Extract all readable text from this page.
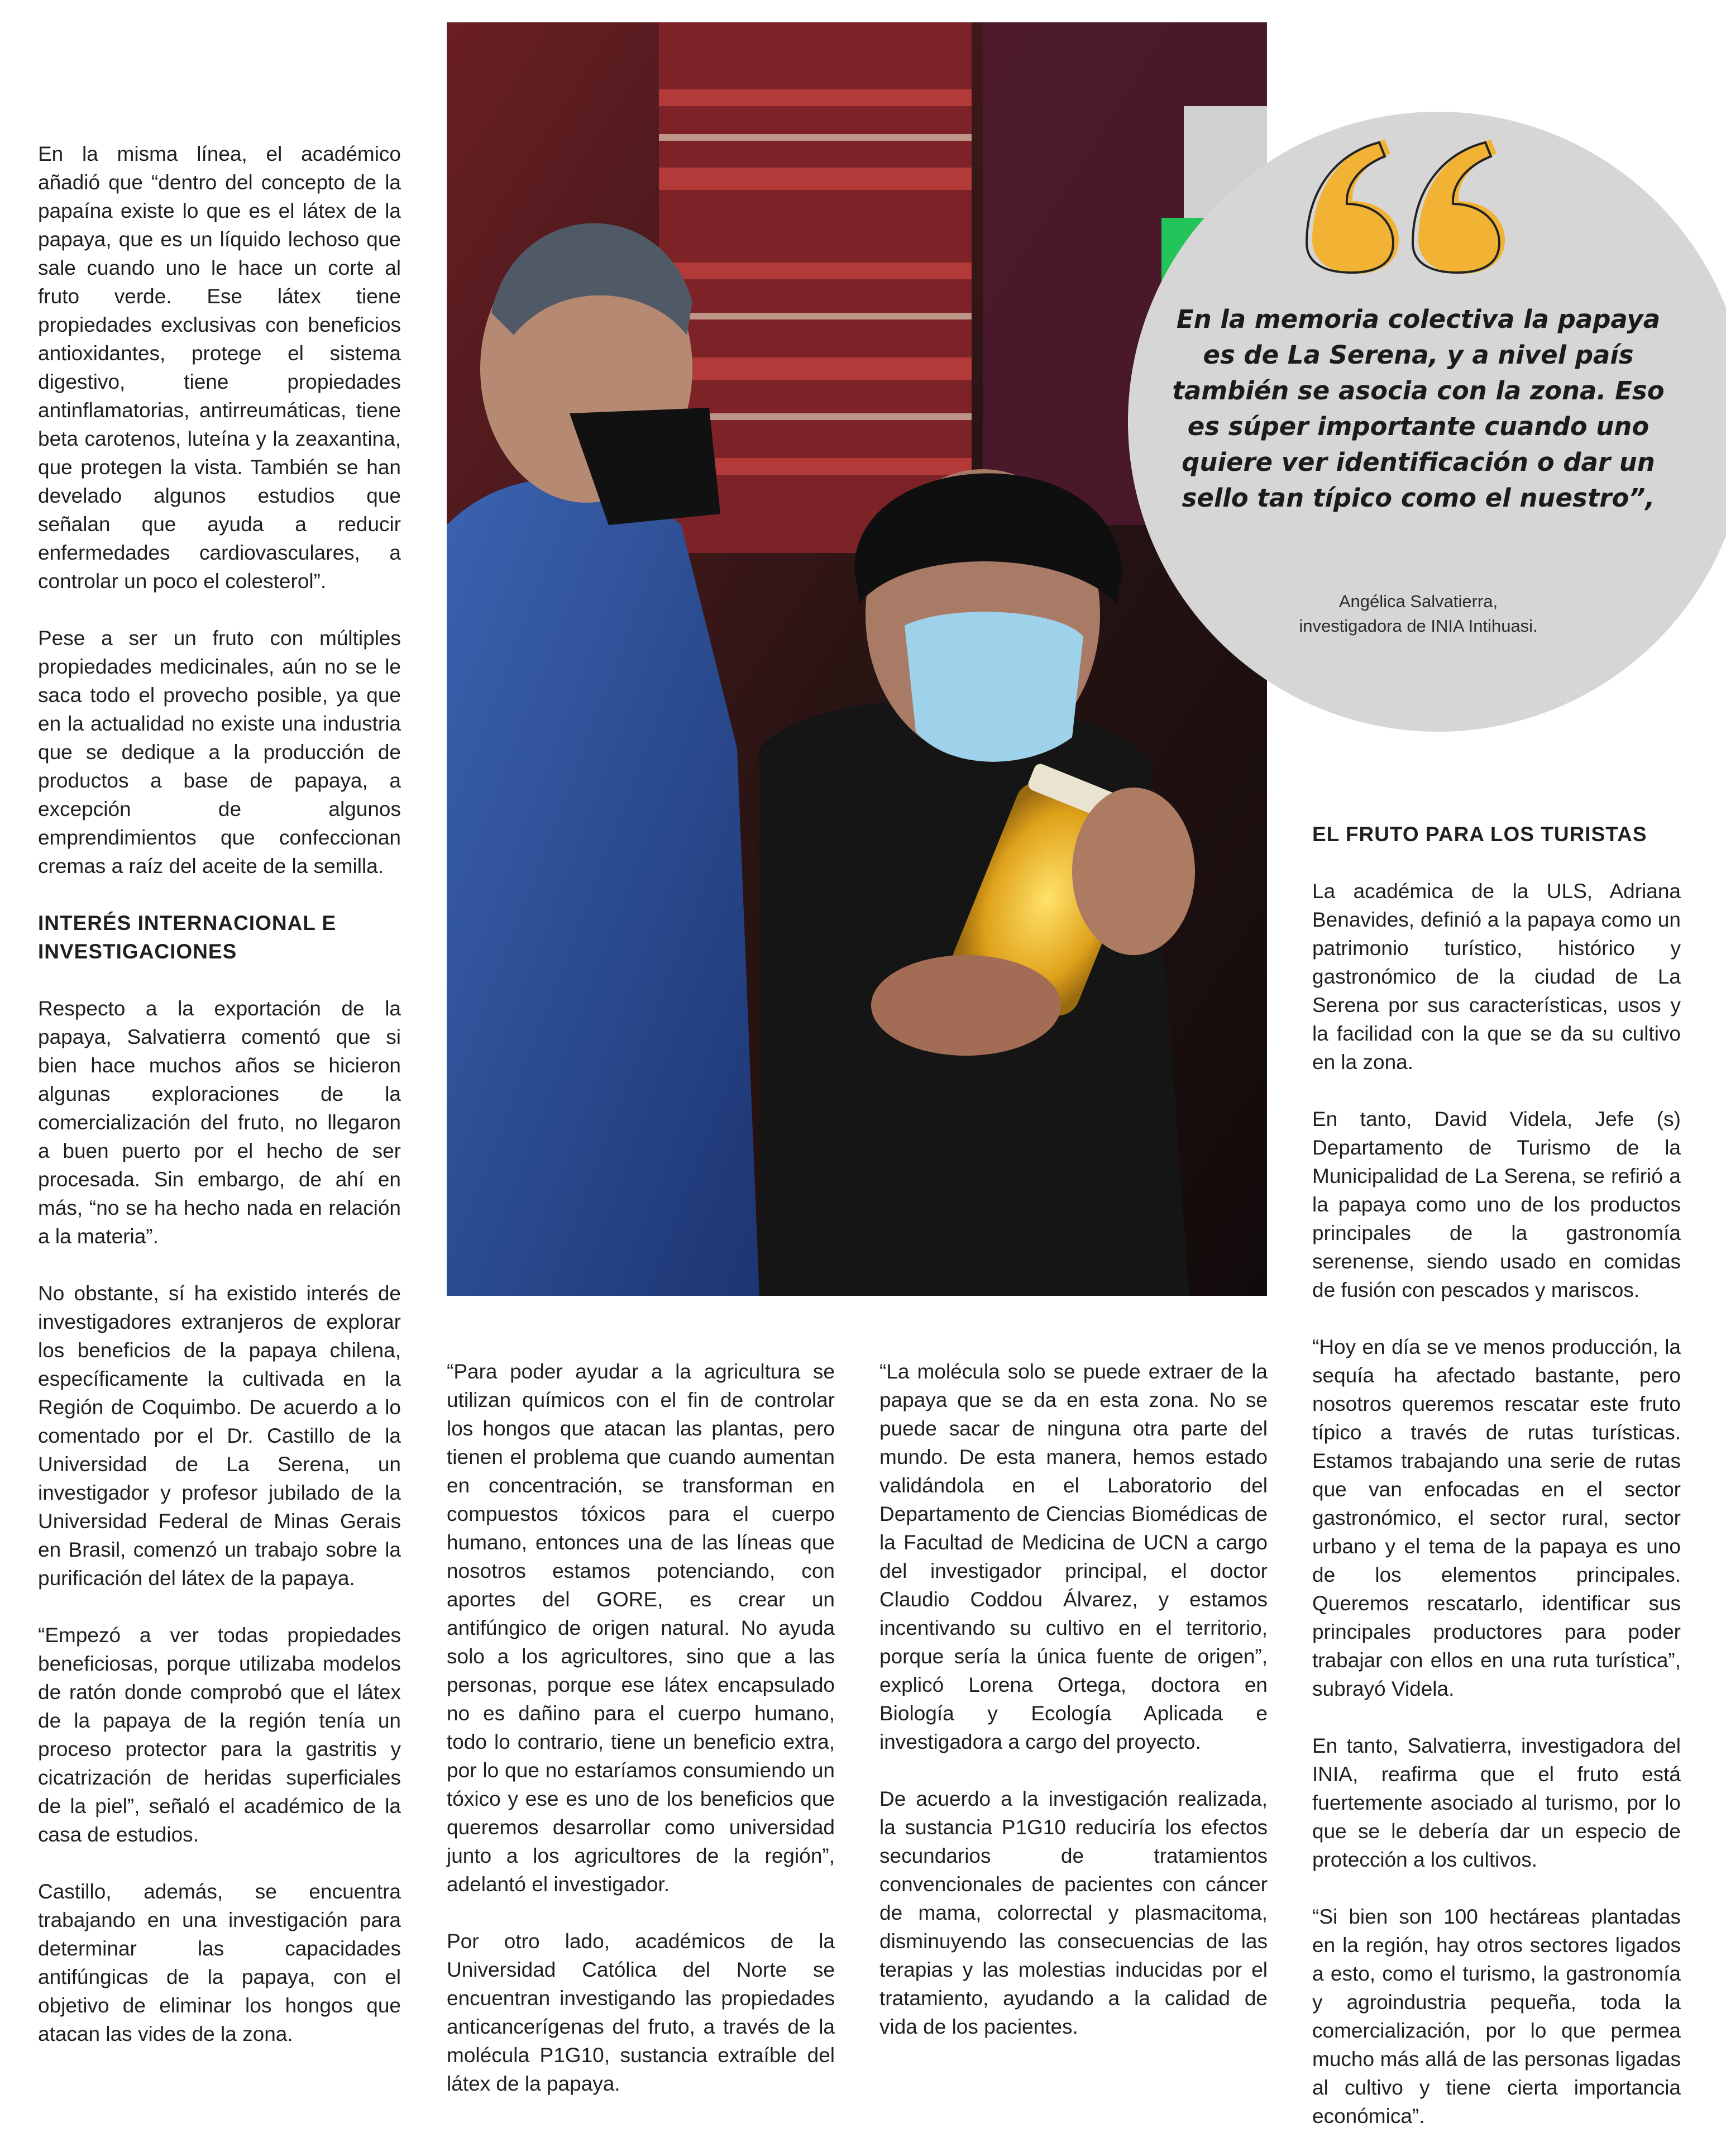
En la misma línea, el académico añadió que “dentro del concepto de la papaína existe lo que es el látex de la papaya, que es un líquido lechoso que sale cuando uno le hace un corte al fruto verde. Ese látex tiene propiedades exclusivas con beneficios antioxidantes, protege el sistema digestivo, tiene propiedades antinflamatorias, antirreumáticas, tiene beta carotenos, luteína y la zeaxantina, que protegen la vista. También se han develado algunos estudios que señalan que ayuda a reducir enfermedades cardiovasculares, a controlar un poco el colesterol”.

Pese a ser un fruto con múltiples propiedades medicinales, aún no se le saca todo el provecho posible, ya que en la actualidad no existe una industria que se dedique a la producción de productos a base de papaya, a excepción de algunos emprendimientos que confeccionan cremas a raíz del aceite de la semilla.

INTERÉS INTERNACIONAL E INVESTIGACIONES

Respecto a la exportación de la papaya, Salvatierra comentó que si bien hace muchos años se hicieron algunas exploraciones de la comercialización del fruto, no llegaron a buen puerto por el hecho de ser procesada. Sin embargo, de ahí en más, “no se ha hecho nada en relación a la materia”.

No obstante, sí ha existido interés de investigadores extranjeros de explorar los beneficios de la papaya chilena, específicamente la cultivada en la Región de Coquimbo. De acuerdo a lo comentado por el Dr. Castillo de la Universidad de La Serena, un investigador y profesor jubilado de la Universidad Federal de Minas Gerais en Brasil, comenzó un trabajo sobre la purificación del látex de la papaya.

“Empezó a ver todas propiedades beneficiosas, porque utilizaba modelos de ratón donde comprobó que el látex de la papaya de la región tenía un proceso protector para la gastritis y cicatrización de heridas superficiales de la piel”, señaló el académico de la casa de estudios.

Castillo, además, se encuentra trabajando en una investigación para determinar las capacidades antifúngicas de la papaya, con el objetivo de eliminar los hongos que atacan las vides de la zona.

En la memoria colectiva la papaya es de La Serena, y a nivel país también se asocia con la zona. Eso es súper importante cuando uno quiere ver identificación o dar un sello tan típico como el nuestro”,
Angélica Salvatierra,
investigadora de INIA Intihuasi.

“Para poder ayudar a la agricultura se utilizan químicos con el fin de controlar los hongos que atacan las plantas, pero tienen el problema que cuando aumentan en concentración, se transforman en compuestos tóxicos para el cuerpo humano, entonces una de las líneas que nosotros estamos potenciando, con aportes del GORE, es crear un antifúngico de origen natural. No ayuda solo a los agricultores, sino que a las personas, porque ese látex encapsulado no es dañino para el cuerpo humano, todo lo contrario, tiene un beneficio extra, por lo que no estaríamos consumiendo un tóxico y ese es uno de los beneficios que queremos desarrollar como universidad junto a los agricultores de la región”, adelantó el investigador.

Por otro lado, académicos de la Universidad Católica del Norte se encuentran investigando las propiedades anticancerígenas del fruto, a través de la molécula P1G10, sustancia extraíble del látex de la papaya.

“La molécula solo se puede extraer de la papaya que se da en esta zona. No se puede sacar de ninguna otra parte del mundo. De esta manera, hemos estado validándola en el Laboratorio del Departamento de Ciencias Biomédicas de la Facultad de Medicina de UCN a cargo del investigador principal, el doctor Claudio Coddou Álvarez, y estamos incentivando su cultivo en el territorio, porque sería la única fuente de origen”, explicó Lorena Ortega, doctora en Biología y Ecología Aplicada e investigadora a cargo del proyecto.

De acuerdo a la investigación realizada, la sustancia P1G10 reduciría los efectos secundarios de tratamientos convencionales de pacientes con cáncer de mama, colorrectal y plasmacitoma, disminuyendo las consecuencias de las terapias y las molestias inducidas por el tratamiento, ayudando a la calidad de vida de los pacientes.

EL FRUTO PARA LOS TURISTAS

La académica de la ULS, Adriana Benavides, definió a la papaya como un patrimonio turístico, histórico y gastronómico de la ciudad de La Serena por sus características, usos y la facilidad con la que se da su cultivo en la zona.

En tanto, David Videla, Jefe (s) Departamento de Turismo de la Municipalidad de La Serena, se refirió a la papaya como uno de los productos principales de la gastronomía serenense, siendo usado en comidas de fusión con pescados y mariscos.

“Hoy en día se ve menos producción, la sequía ha afectado bastante, pero nosotros queremos rescatar este fruto típico a través de rutas turísticas. Estamos trabajando una serie de rutas que van enfocadas en el sector gastronómico, el sector rural, sector urbano y el tema de la papaya es uno de los elementos principales. Queremos rescatarlo, identificar sus principales productores para poder trabajar con ellos en una ruta turística”, subrayó Videla.

En tanto, Salvatierra, investigadora del INIA, reafirma que el fruto está fuertemente asociado al turismo, por lo que se le debería dar un especio de protección a los cultivos.

“Si bien son 100 hectáreas plantadas en la región, hay otros sectores ligados a esto, como el turismo, la gastronomía y agroindustria pequeña, toda la comercialización, por lo que permea mucho más allá de las personas ligadas al cultivo y tiene cierta importancia económica”.
